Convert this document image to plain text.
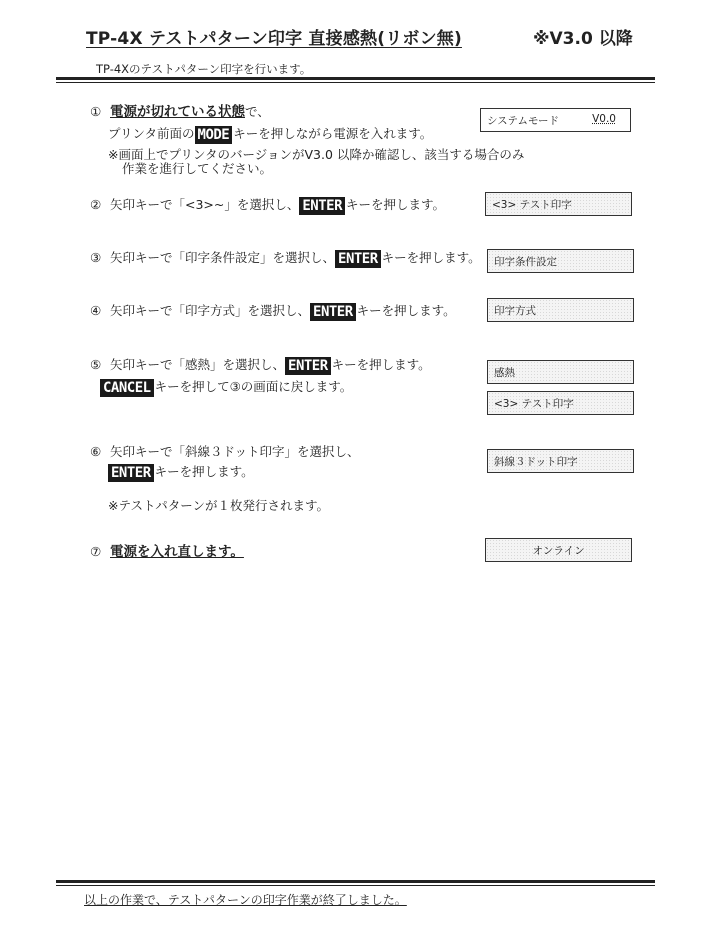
TP-4X テストパターン印字 直接感熱(リボン無)	※V3.0 以降
TP-4Xのテストパターン印字を行います。
① 電源が切れている状態で、
プリンタ前面の MODE キーを押しながら電源を入れます。
※画面上でプリンタのバージョンがV3.0 以降か確認し、該当する場合のみ
作業を進行してください。
システムモード	V0.0
② 矢印キーで「<3>~」を選択し、 ENTER キーを押します。	<3> テスト印字
③ 矢印キーで「印字条件設定」を選択し、 ENTER キーを押します。	印字条件設定
④ 矢印キーで「印字方式」を選択し、 ENTER キーを押します。	印字方式
⑤ 矢印キーで「感熱」を選択し、 ENTER キーを押します。
CANCEL キーを押して③の画面に戻します。
感熱
<3> テスト印字
⑥ 矢印キーで「斜線３ドット印字」を選択し、
ENTER キーを押します。
※テストパターンが１枚発行されます。
斜線３ドット印字
⑦ 電源を入れ直します。	オンライン
以上の作業で、テストパターンの印字作業が終了しました。
